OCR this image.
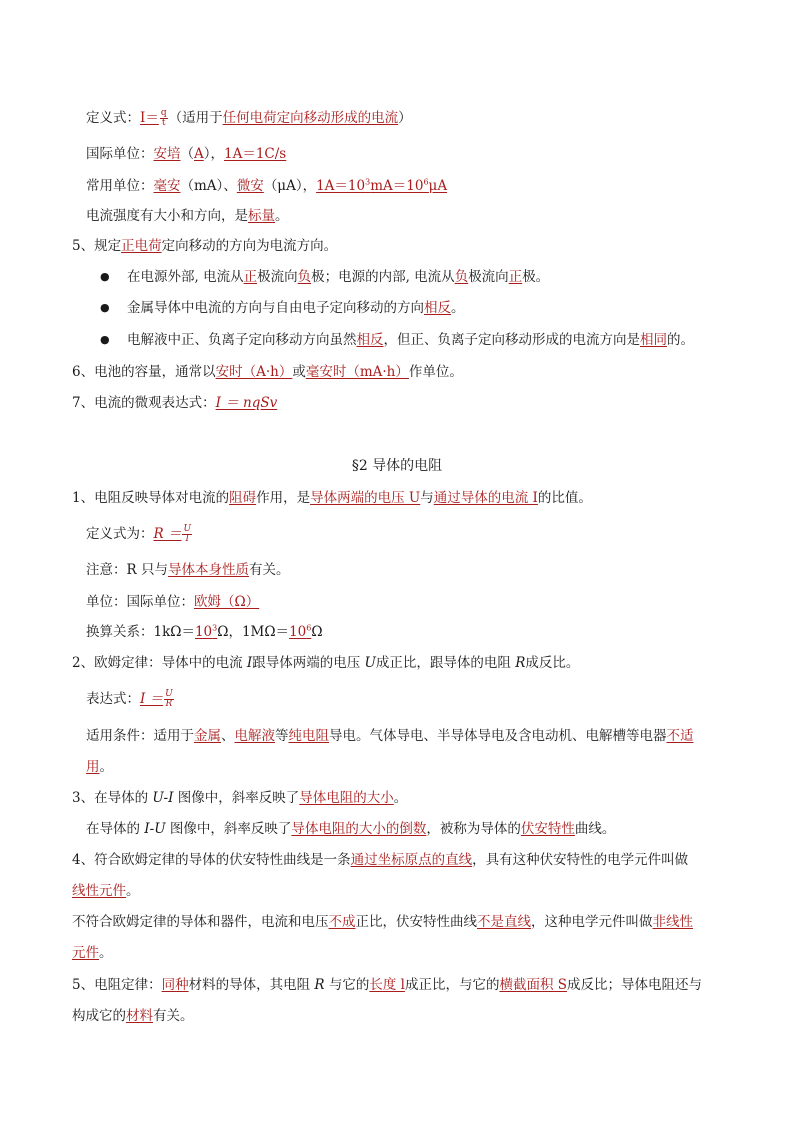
定义式：$I= \frac{q}{t}$ （适用于任何电荷定向移动形成的电流）
国际单位：安培（A），1A＝1C/s
常用单位：毫安（mA）、微安（μA），$1A=10^3mA=10^6\mu A$
电流强度有大小和方向，是标量。
5、规定正电荷定向移动的方向为电流方向。
● 在电源外部, 电流从正极流向负极；电源的内部, 电流从负极流向正极。
● 金属导体中电流的方向与自由电子定向移动的方向相反。
● 电解液中正、负离子定向移动方向虽然相反，但正、负离子定向移动形成的电流方向是相同的。
6、电池的容量，通常以安时（A·h）或毫安时（mA·h）作单位。
7、电流的微观表达式：I ＝ nqSv
§2 导体的电阻
1、电阻反映导体对电流的阻碍作用，是导体两端的电压 U与通过导体的电流 I的比值。
定义式为：$R = \frac{U}{I}$
注意：R 只与导体本身性质有关。
单位：国际单位：欧姆（Ω）
换算关系：$1k\Omega=10^3\Omega$，$1M\Omega=10^6\Omega$
2、欧姆定律：导体中的电流 I跟导体两端的电压 U成正比，跟导体的电阻 R成反比。
表达式：$I = \frac{U}{R}$
适用条件：适用于金属、电解液等纯电阻导电。气体导电、半导体导电及含电动机、电解槽等电器不适
用。
3、在导体的 U-I 图像中，斜率反映了导体电阻的大小。
在导体的 I-U 图像中，斜率反映了导体电阻的大小的倒数，被称为导体的伏安特性曲线。
4、符合欧姆定律的导体的伏安特性曲线是一条通过坐标原点的直线，具有这种伏安特性的电学元件叫做
线性元件。
不符合欧姆定律的导体和器件，电流和电压不成正比，伏安特性曲线不是直线，这种电学元件叫做非线性
元件。
5、电阻定律：同种材料的导体，其电阻 R 与它的长度 l成正比，与它的横截面积 S成反比；导体电阻还与
构成它的材料有关。
